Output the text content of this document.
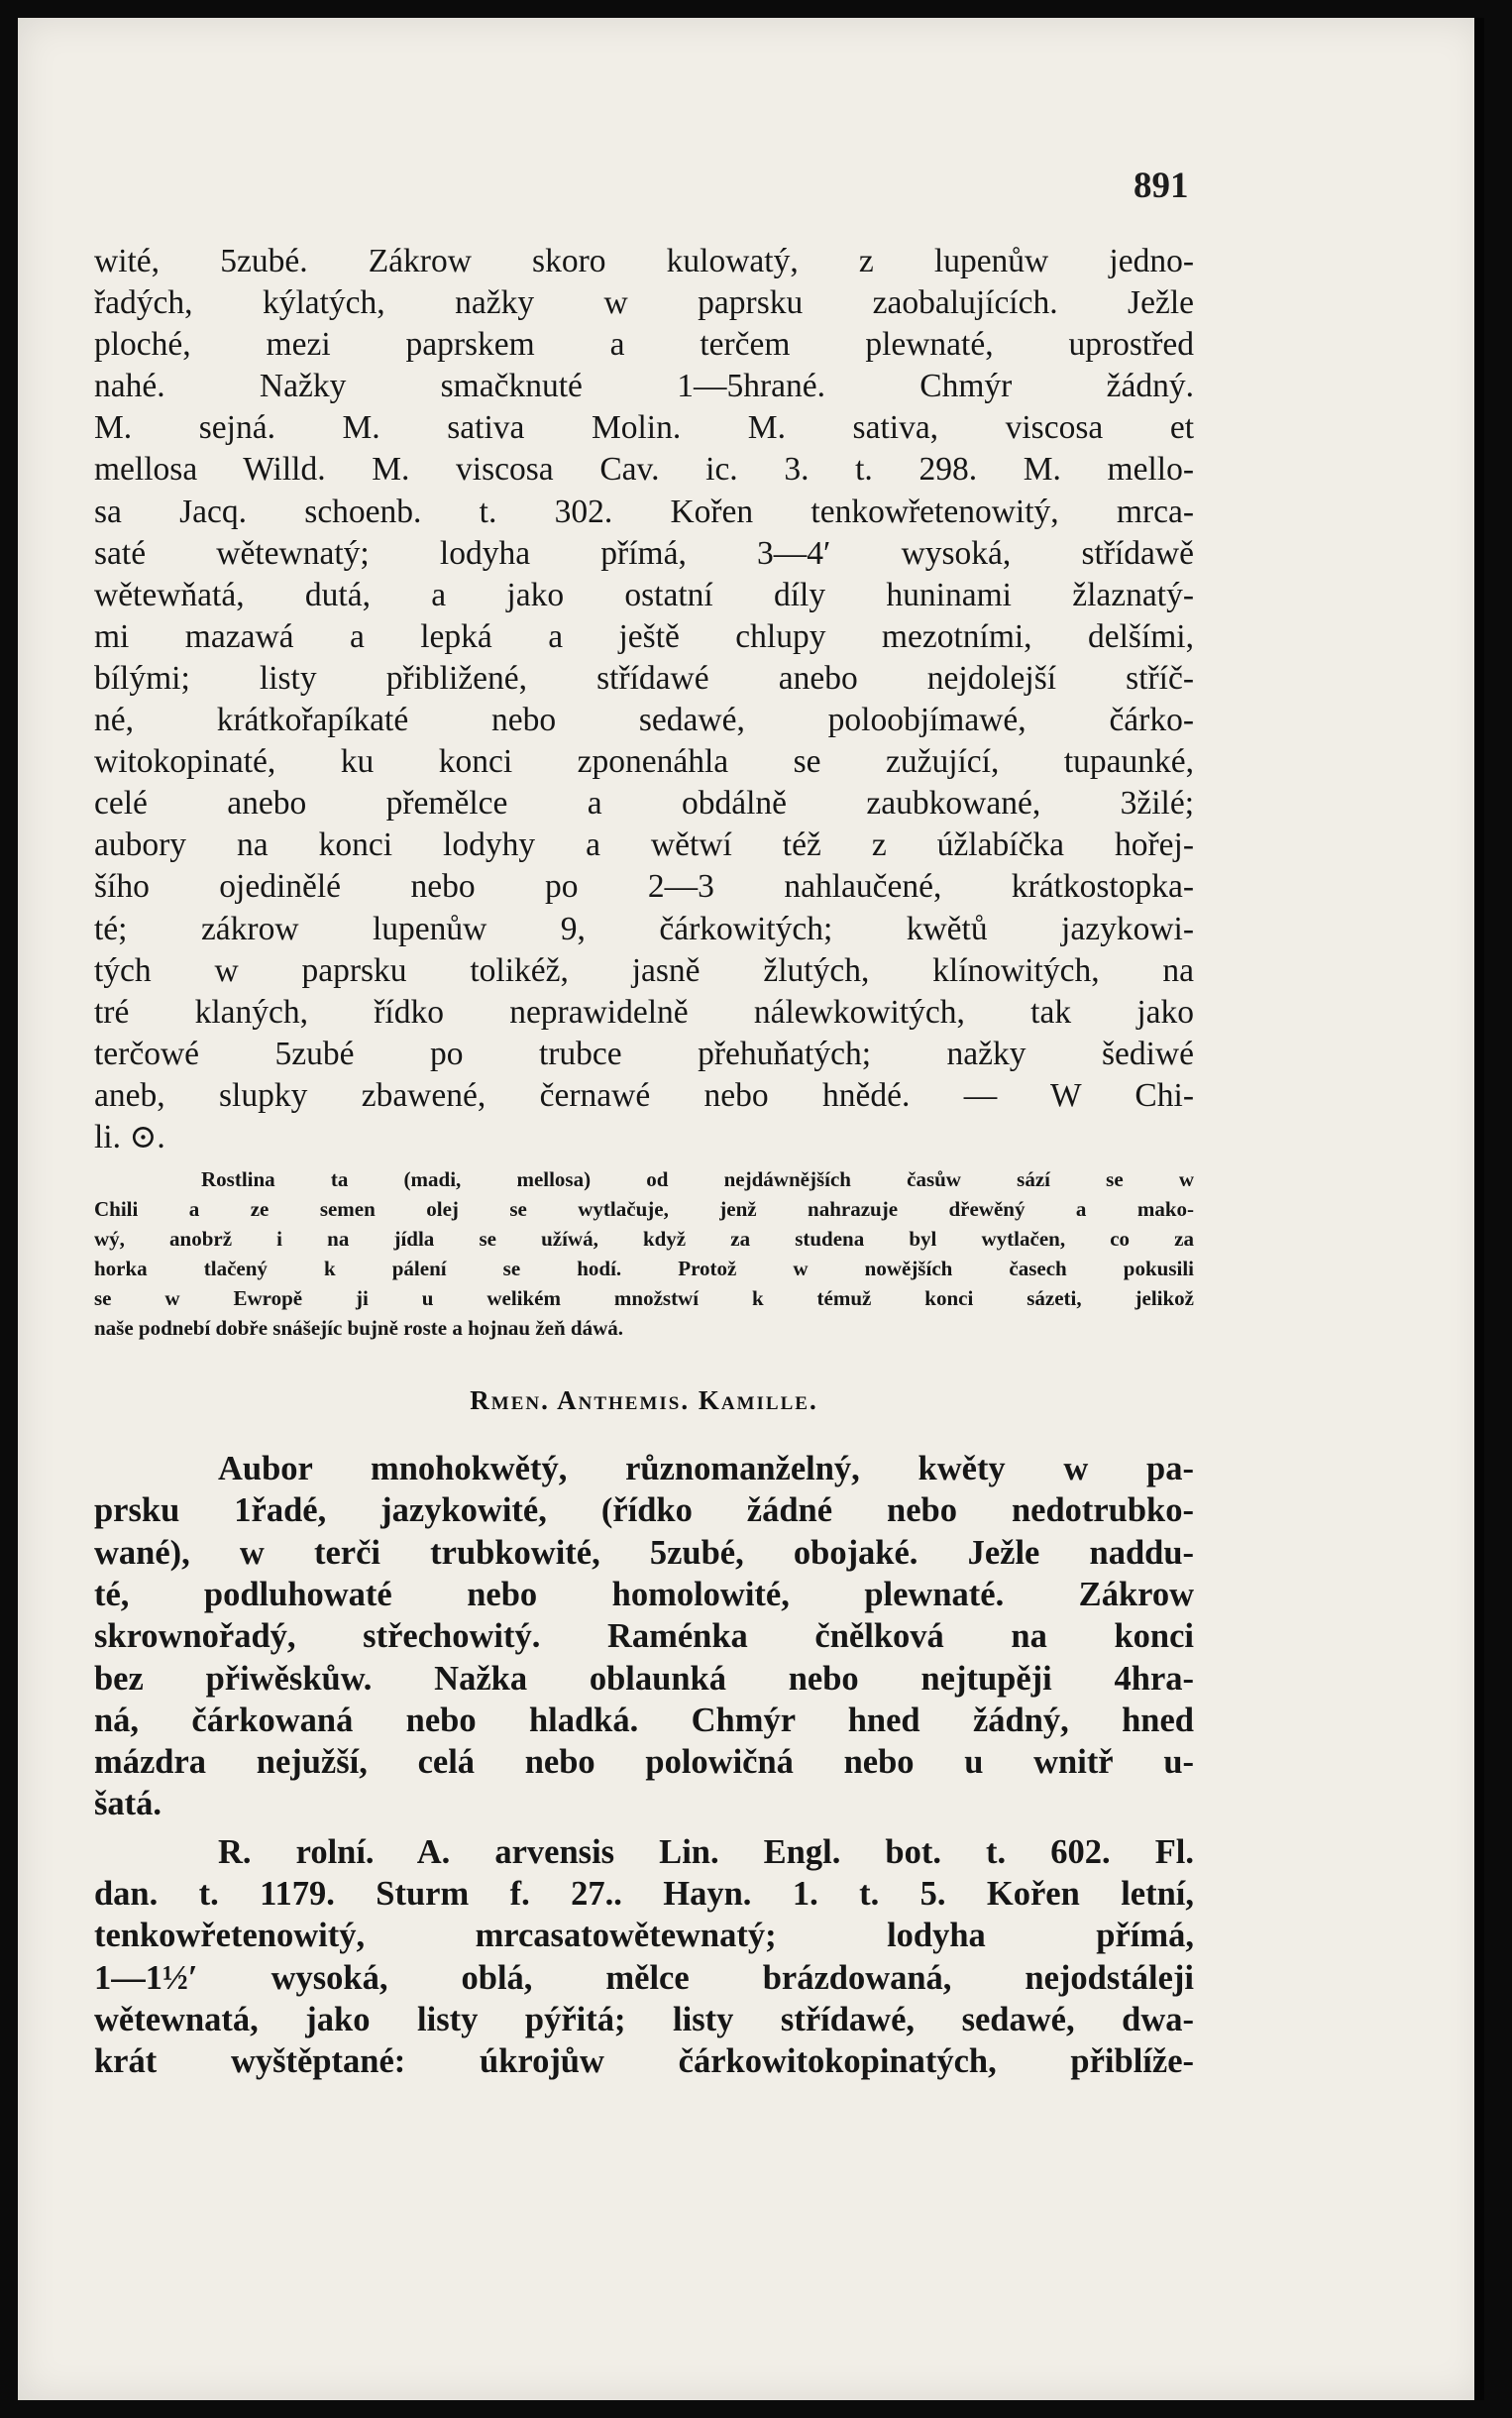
891
wité, 5zubé. Zákrow skoro kulowatý, z lupenůw jedno-
řadých, kýlatých, nažky w paprsku zaobalujících. Ježle
ploché, mezi paprskem a terčem plewnaté, uprostřed
nahé. Nažky smačknuté 1—5hrané. Chmýr žádný.
M. sejná. M. sativa Molin. M. sativa, viscosa et
mellosa Willd. M. viscosa Cav. ic. 3. t. 298. M. mello-
sa Jacq. schoenb. t. 302. Kořen tenkowřetenowitý, mrca-
saté wětewnatý; lodyha přímá, 3—4′ wysoká, střídawě
wětewňatá, dutá, a jako ostatní díly huninami žlaznatý-
mi mazawá a lepká a ještě chlupy mezotními, delšími,
bílými; listy přibližené, střídawé anebo nejdolejší stříč-
né, krátkořapíkaté nebo sedawé, poloobjímawé, čárko-
witokopinaté, ku konci zponenáhla se zužující, tupaunké,
celé anebo přemělce a obdálně zaubkowané, 3žilé;
aubory na konci lodyhy a wětwí též z úžlabíčka hořej-
šího ojedinělé nebo po 2—3 nahlaučené, krátkostopka-
té; zákrow lupenůw 9, čárkowitých; kwětů jazykowi-
tých w paprsku tolikéž, jasně žlutých, klínowitých, na
tré klaných, řídko neprawidelně nálewkowitých, tak jako
terčowé 5zubé po trubce přehuňatých; nažky šediwé
aneb, slupky zbawené, černawé nebo hnědé. — W Chi-
li. ⊙.
Rostlina ta (madi, mellosa) od nejdáwnějších časůw sází se w
Chili a ze semen olej se wytlačuje, jenž nahrazuje dřewěný a mako-
wý, anobrž i na jídla se užíwá, když za studena byl wytlačen, co za
horka tlačený k pálení se hodí. Protož w nowějších časech pokusili
se w Ewropě ji u welikém množstwí k témuž konci sázeti, jelikož
naše podnebí dobře snášejíc bujně roste a hojnau žeň dáwá.
Rmen. Anthemis. Kamille.
Aubor mnohokwětý, různomanželný, kwěty w pa-
prsku 1řadé, jazykowité, (řídko žádné nebo nedotrubko-
wané), w terči trubkowité, 5zubé, obojaké. Ježle naddu-
té, podluhowaté nebo homolowité, plewnaté. Zákrow
skrownořadý, střechowitý. Raménka čnělková na konci
bez přiwěskůw. Nažka oblaunká nebo nejtupěji 4hra-
ná, čárkowaná nebo hladká. Chmýr hned žádný, hned
mázdra nejužší, celá nebo polowičná nebo u wnitř u-
šatá.
R. rolní. A. arvensis Lin. Engl. bot. t. 602. Fl.
dan. t. 1179. Sturm f. 27.. Hayn. 1. t. 5. Kořen letní,
tenkowřetenowitý, mrcasatowětewnatý; lodyha přímá,
1—1½′ wysoká, oblá, mělce brázdowaná, nejodstáleji
wětewnatá, jako listy pýřitá; listy střídawé, sedawé, dwa-
krát wyštěptané: úkrojůw čárkowitokopinatých, přiblíže-
